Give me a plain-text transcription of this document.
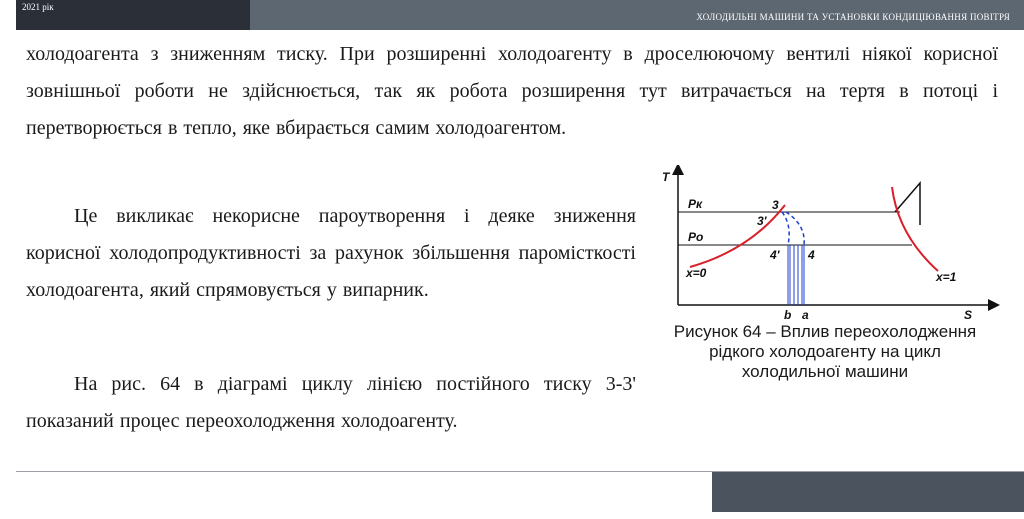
2021 рік
ХОЛОДИЛЬНІ МАШИНИ ТА УСТАНОВКИ КОНДИЦІЮВАННЯ ПОВІТРЯ

холодоагента з зниженням тиску. При розширенні холодоагенту в дроселюючому вентилі ніякої корисної зовнішньої роботи не здійснюється, так як робота розширення тут витрачається на тертя в потоці і перетворюється в тепло, яке вбирається самим холодоагентом.

Це викликає некорисне пароутворення і деяке зниження корисної холодопродуктивності за рахунок збільшення паромісткості холодоагента, який спрямовується у випарник.

На рис. 64 в діаграмі циклу лінією постійного тиску 3-3' показаний процес переохолодження холодоагенту.

T
S
Pк
Pо
3
3'
4' 4
x=0	x=1
b a
Рисунок 64 – Вплив переохолодження рідкого холодоагенту на цикл холодильної машини
